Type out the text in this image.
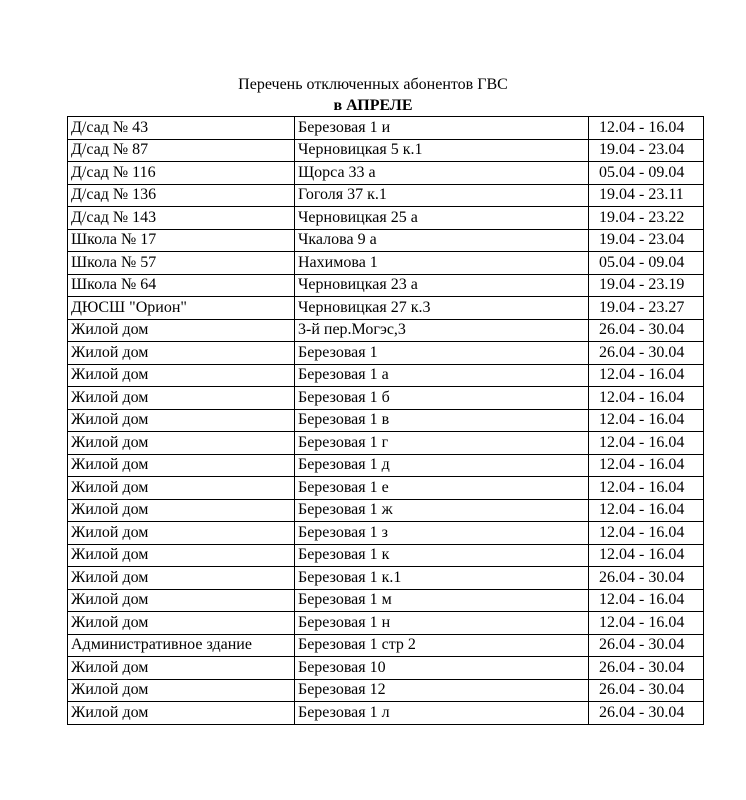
Перечень отключенных абонентов ГВС
в АПРЕЛЕ
Д/сад № 43	Березовая 1 и	12.04 - 16.04
Д/сад № 87	Черновицкая 5 к.1	19.04 - 23.04
Д/сад № 116	Щорса 33 а	05.04 - 09.04
Д/сад № 136	Гоголя 37 к.1	19.04 - 23.11
Д/сад № 143	Черновицкая 25 а	19.04 - 23.22
Школа № 17	Чкалова 9 а	19.04 - 23.04
Школа № 57	Нахимова 1	05.04 - 09.04
Школа № 64	Черновицкая 23 а	19.04 - 23.19
ДЮСШ "Орион"	Черновицкая 27 к.3	19.04 - 23.27
Жилой дом	3-й пер.Могэс,3	26.04 - 30.04
Жилой дом	Березовая 1	26.04 - 30.04
Жилой дом	Березовая 1 а	12.04 - 16.04
Жилой дом	Березовая 1 б	12.04 - 16.04
Жилой дом	Березовая 1 в	12.04 - 16.04
Жилой дом	Березовая 1 г	12.04 - 16.04
Жилой дом	Березовая 1 д	12.04 - 16.04
Жилой дом	Березовая 1 е	12.04 - 16.04
Жилой дом	Березовая 1 ж	12.04 - 16.04
Жилой дом	Березовая 1 з	12.04 - 16.04
Жилой дом	Березовая 1 к	12.04 - 16.04
Жилой дом	Березовая 1 к.1	26.04 - 30.04
Жилой дом	Березовая 1 м	12.04 - 16.04
Жилой дом	Березовая 1 н	12.04 - 16.04
Административное здание	Березовая 1 стр 2	26.04 - 30.04
Жилой дом	Березовая 10	26.04 - 30.04
Жилой дом	Березовая 12	26.04 - 30.04
Жилой дом	Березовая 1 л	26.04 - 30.04
